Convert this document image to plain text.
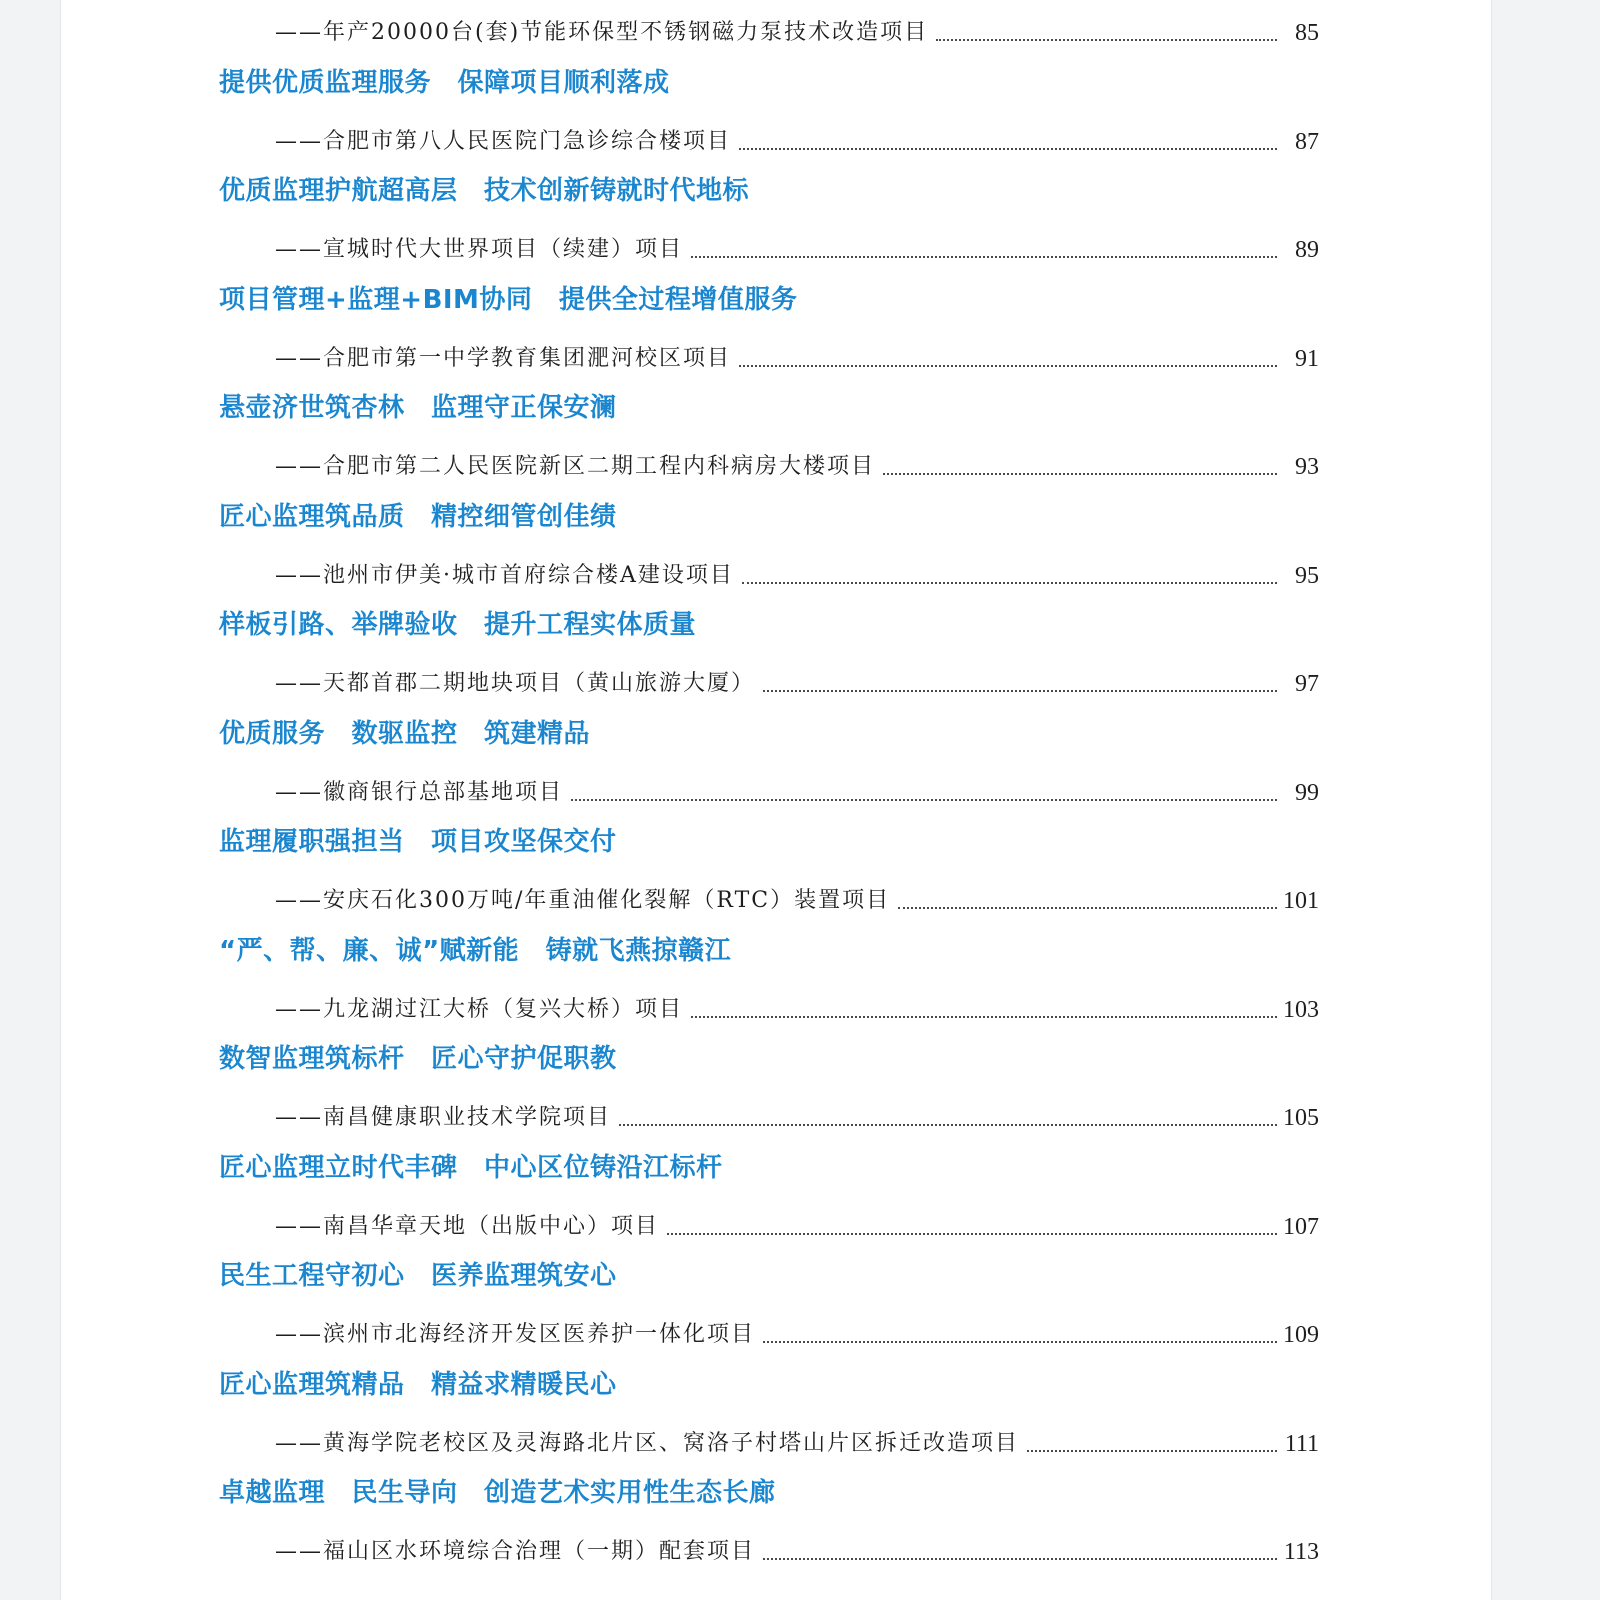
——年产20000台(套)节能环保型不锈钢磁力泵技术改造项目	85
提供优质监理服务　保障项目顺利落成
——合肥市第八人民医院门急诊综合楼项目	87
优质监理护航超高层　技术创新铸就时代地标
——宣城时代大世界项目（续建）项目	89
项目管理+监理+BIM协同　提供全过程增值服务
——合肥市第一中学教育集团淝河校区项目	91
悬壶济世筑杏林　监理守正保安澜
——合肥市第二人民医院新区二期工程内科病房大楼项目	93
匠心监理筑品质　精控细管创佳绩
——池州市伊美·城市首府综合楼A建设项目	95
样板引路、举牌验收　提升工程实体质量
——天都首郡二期地块项目（黄山旅游大厦）	97
优质服务　数驱监控　筑建精品
——徽商银行总部基地项目	99
监理履职强担当　项目攻坚保交付
——安庆石化300万吨/年重油催化裂解（RTC）装置项目	101
“严、帮、廉、诚”赋新能　铸就飞燕掠赣江
——九龙湖过江大桥（复兴大桥）项目	103
数智监理筑标杆　匠心守护促职教
——南昌健康职业技术学院项目	105
匠心监理立时代丰碑　中心区位铸沿江标杆
——南昌华章天地（出版中心）项目	107
民生工程守初心　医养监理筑安心
——滨州市北海经济开发区医养护一体化项目	109
匠心监理筑精品　精益求精暖民心
——黄海学院老校区及灵海路北片区、窝洛子村塔山片区拆迁改造项目	111
卓越监理　民生导向　创造艺术实用性生态长廊
——福山区水环境综合治理（一期）配套项目	113
